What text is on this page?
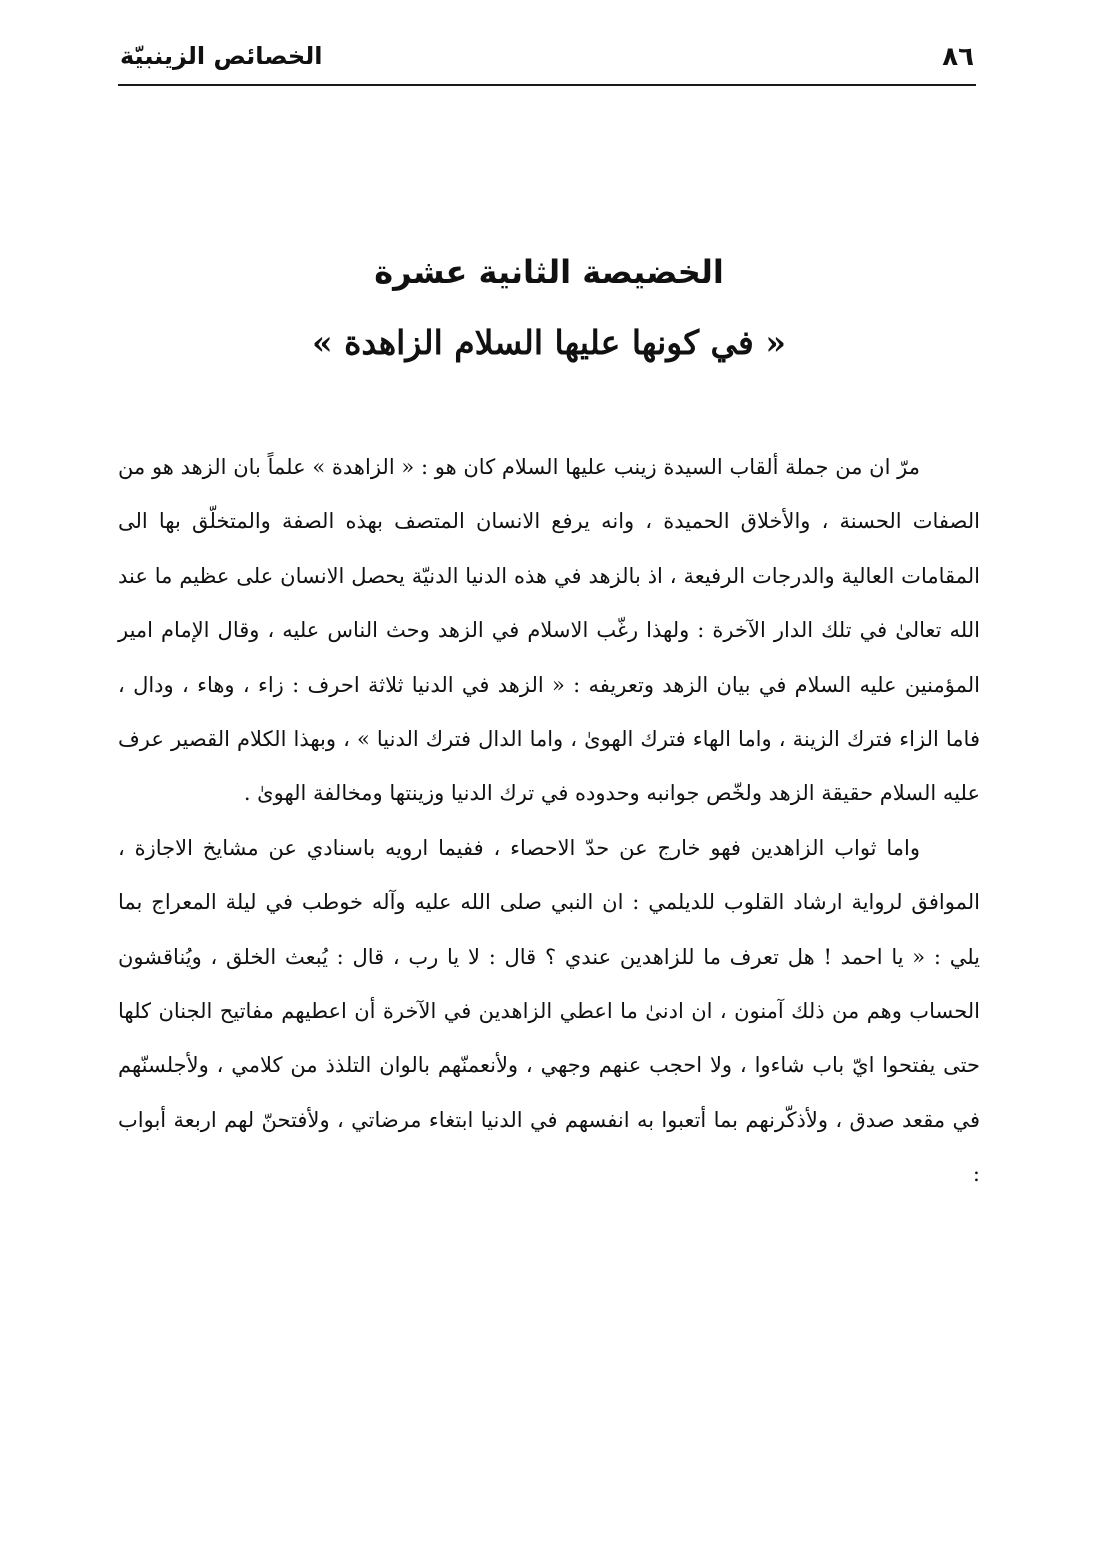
٨٦
الخصائص الزينبيّة
الخضيصة الثانية عشرة
« في كونها عليها السلام الزاهدة »

مرّ ان من جملة ألقاب السيدة زينب عليها السلام كان هو : « الزاهدة » علماً بان الزهد هو من الصفات الحسنة ، والأخلاق الحميدة ، وانه يرفع الانسان المتصف بهذه الصفة والمتخلّق بها الى المقامات العالية والدرجات الرفيعة ، اذ بالزهد في هذه الدنيا الدنيّة يحصل الانسان على عظيم ما عند الله تعالىٰ في تلك الدار الآخرة : ولهذا رغّب الاسلام في الزهد وحث الناس عليه ، وقال الإمام امير المؤمنين عليه السلام في بيان الزهد وتعريفه : « الزهد في الدنيا ثلاثة احرف : زاء ، وهاء ، ودال ، فاما الزاء فترك الزينة ، واما الهاء فترك الهوىٰ ، واما الدال فترك الدنيا » ، وبهذا الكلام القصير عرف عليه السلام حقيقة الزهد ولخّص جوانبه وحدوده في ترك الدنيا وزينتها ومخالفة الهوىٰ .

واما ثواب الزاهدين فهو خارج عن حدّ الاحصاء ، ففيما ارويه باسنادي عن مشايخ الاجازة ، الموافق لرواية ارشاد القلوب للديلمي : ان النبي صلى الله عليه وآله خوطب في ليلة المعراج بما يلي : « يا احمد ! هل تعرف ما للزاهدين عندي ؟ قال : لا يا رب ، قال : يُبعث الخلق ، ويُناقشون الحساب وهم من ذلك آمنون ، ان ادنىٰ ما اعطي الزاهدين في الآخرة أن اعطيهم مفاتيح الجنان كلها حتى يفتحوا ايّ باب شاءوا ، ولا احجب عنهم وجهي ، ولأنعمنّهم بالوان التلذذ من كلامي ، ولأجلسنّهم في مقعد صدق ، ولأذكّرنهم بما أتعبوا به انفسهم في الدنيا ابتغاء مرضاتي ، ولأفتحنّ لهم اربعة أبواب :
